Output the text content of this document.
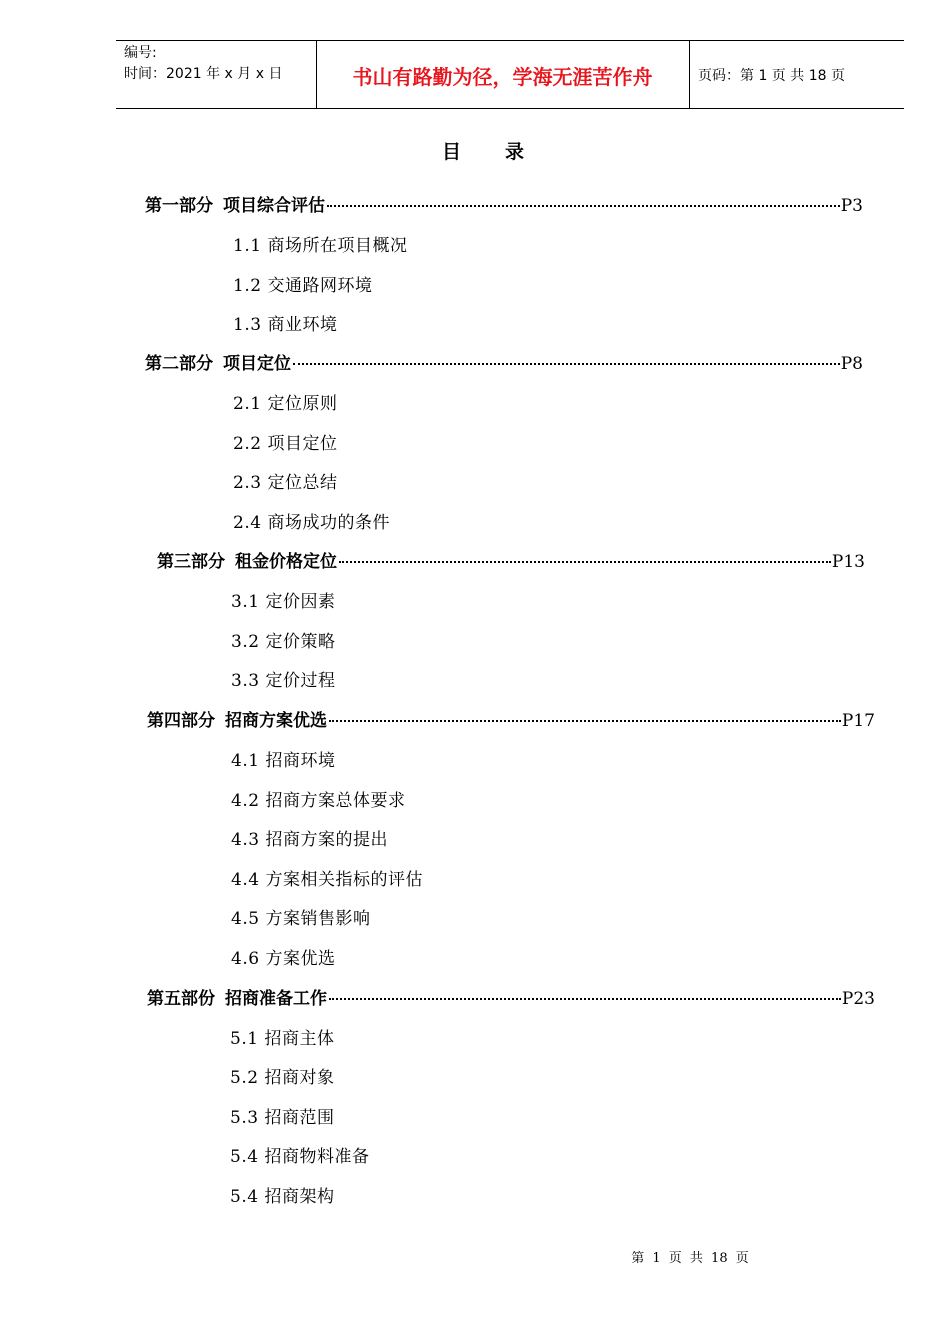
编号:
时间：2021 年 x 月 x 日	书山有路勤为径，学海无涯苦作舟	页码：第 1 页 共 18 页
目录
第一部分 项目综合评估	P3
1.1 商场所在项目概况
1.2 交通路网环境
1.3 商业环境
第二部分 项目定位	P8
2.1 定位原则
2.2 项目定位
2.3 定位总结
2.4 商场成功的条件
第三部分 租金价格定位	P13
3.1 定价因素
3.2 定价策略
3.3 定价过程
第四部分 招商方案优选	P17
4.1 招商环境
4.2 招商方案总体要求
4.3 招商方案的提出
4.4 方案相关指标的评估
4.5 方案销售影响
4.6 方案优选
第五部份 招商准备工作	P23
5.1 招商主体
5.2 招商对象
5.3 招商范围
5.4 招商物料准备
5.4 招商架构
第 1 页 共 18 页
